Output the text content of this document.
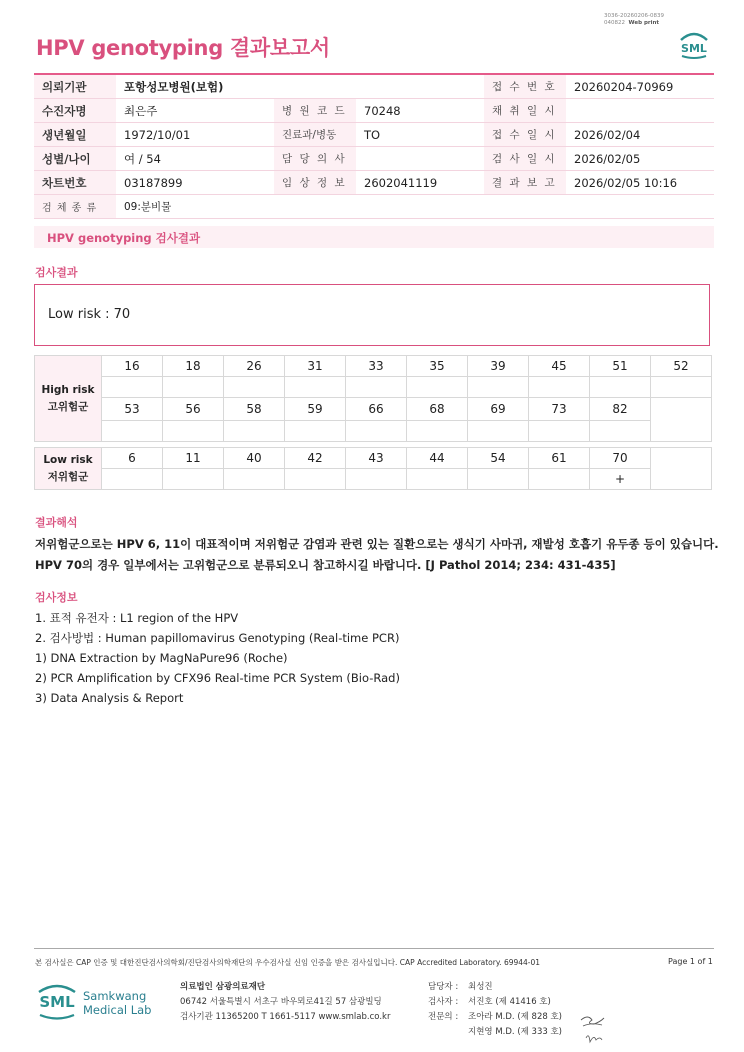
3036-20260206-0839
040822 Web print
HPV genotyping 결과보고서	SML
의뢰기관	포항성모병원(보험)			접 수 번 호	20260204-70969
수진자명	최은주	병 원 코 드	70248	채 취 일 시	
생년월일	1972/10/01	진료과/병동	TO	접 수 일 시	2026/02/04
성별/나이	여 / 54	담 당 의 사		검 사 일 시	2026/02/05
차트번호	03187899	임 상 정 보	2602041119	결 과 보 고	2026/02/05 10:16
검 체 종 류	09:분비물				
HPV genotyping 검사결과
검사결과
Low risk : 70
High risk
고위험군	16	18	26	31	33	35	39	45	51	52

	53	56	58	59	66	68	69	73	82	

Low risk
저위험군	6	11	40	42	43	44	54	61	70	
									+	
결과해석
저위험군으로는 HPV 6, 11이 대표적이며 저위험군 감염과 관련 있는 질환으로는 생식기 사마귀, 재발성 호흡기 유두종 등이 있습니다.
HPV 70의 경우 일부에서는 고위험군으로 분류되오니 참고하시길 바랍니다. [J Pathol 2014; 234: 431-435]
검사정보
1. 표적 유전자 : L1 region of the HPV
2. 검사방법 : Human papillomavirus Genotyping (Real-time PCR)
1) DNA Extraction by MagNaPure96 (Roche)
2) PCR Amplification by CFX96 Real-time PCR System (Bio-Rad)
3) Data Analysis & Report
본 검사실은 CAP 인증 및 대한진단검사의학회/진단검사의학재단의 우수검사실 신임 인증을 받은 검사실입니다. CAP Accredited Laboratory. 69944-01	Page 1 of 1
SML Samkwang
Medical Lab
의료법인 삼광의료재단
06742 서울특별시 서초구 바우뫼로41길 57 삼광빌딩
검사기관 11365200 T 1661-5117 www.smlab.co.kr
담당자 : 최성진
검사자 : 서진호 (제 41416 호)
전문의 : 조아라 M.D. (제 828 호)
지현영 M.D. (제 333 호)
